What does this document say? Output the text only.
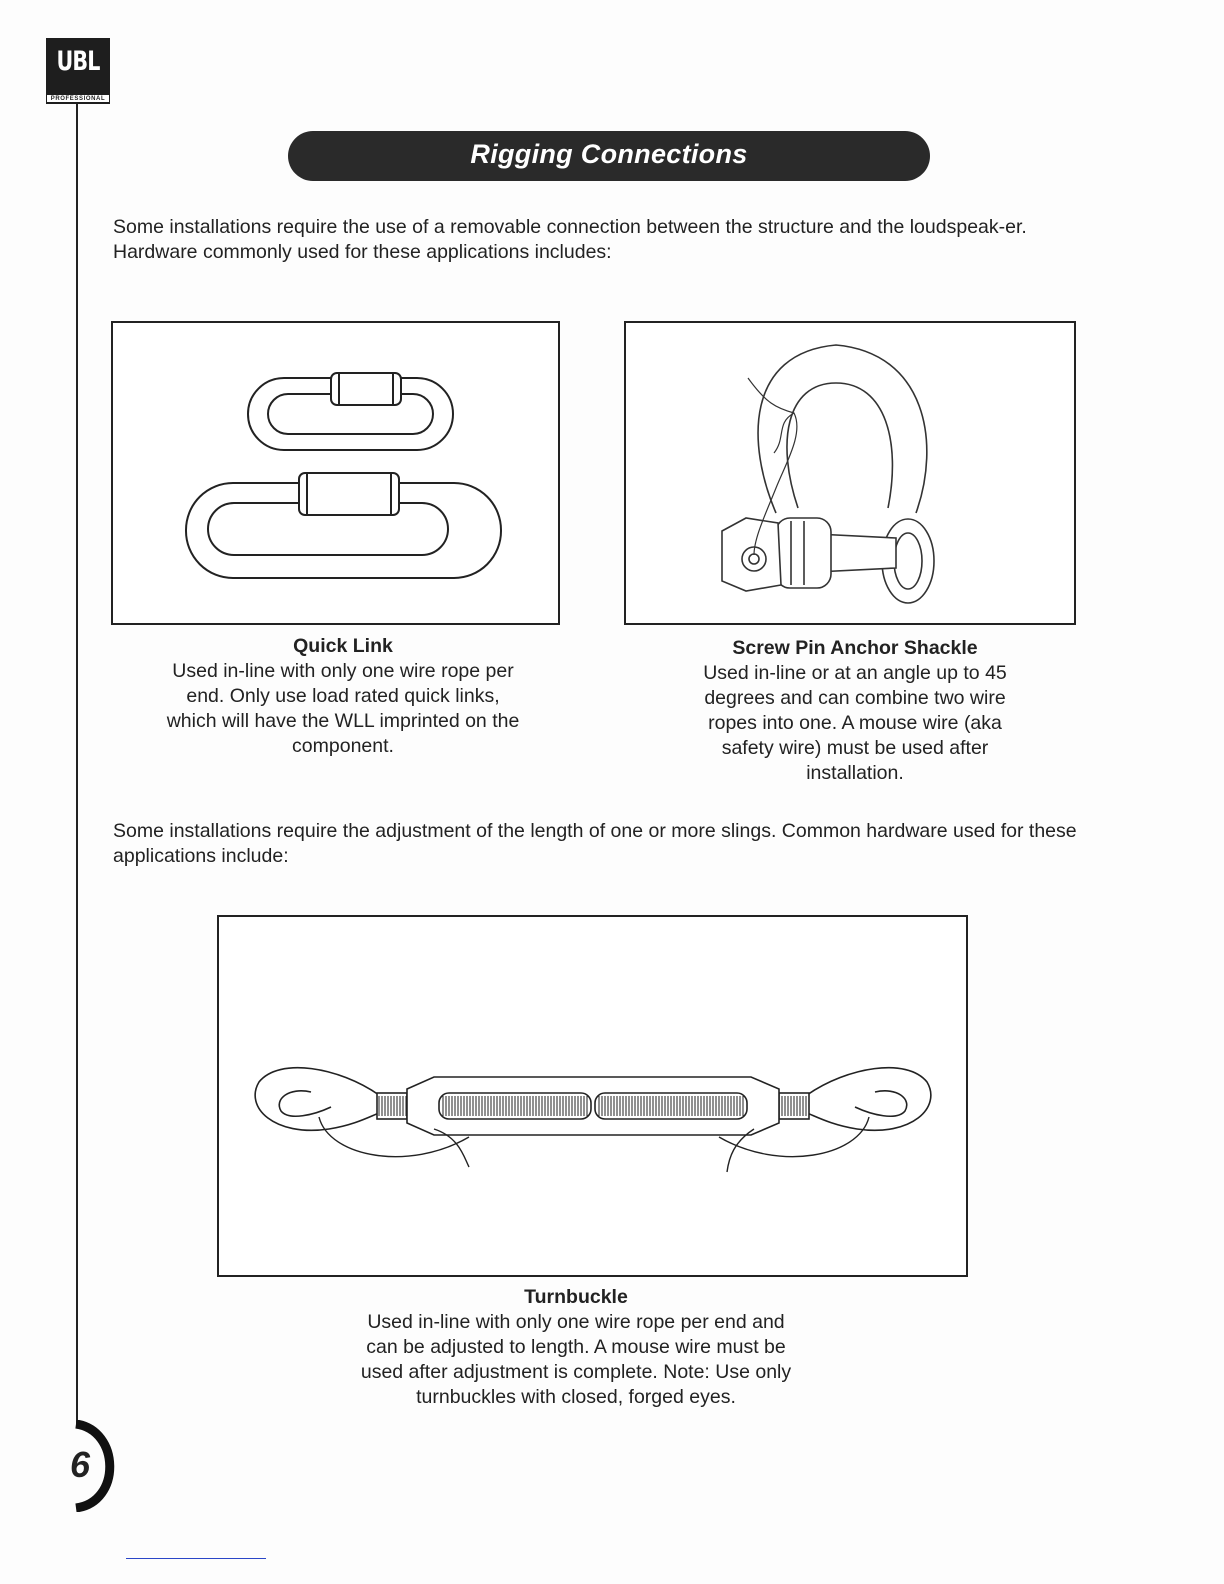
UBL
PROFESSIONAL
Rigging Connections
Some installations require the use of a removable connection between the structure and the loudspeak-er. Hardware commonly used for these applications includes:
Quick Link
Used in-line with only one wire rope per end. Only use load rated quick links, which will have the WLL imprinted on the component.
Screw Pin Anchor Shackle
Used in-line or at an angle up to 45 degrees and can combine two wire ropes into one. A mouse wire (aka safety wire) must be used after installation.
Some installations require the adjustment of the length of one or more slings. Common hardware used for these applications include:
Turnbuckle
Used in-line with only one wire rope per end and can be adjusted to length. A mouse wire must be used after adjustment is complete. Note: Use only turnbuckles with closed, forged eyes.
6
